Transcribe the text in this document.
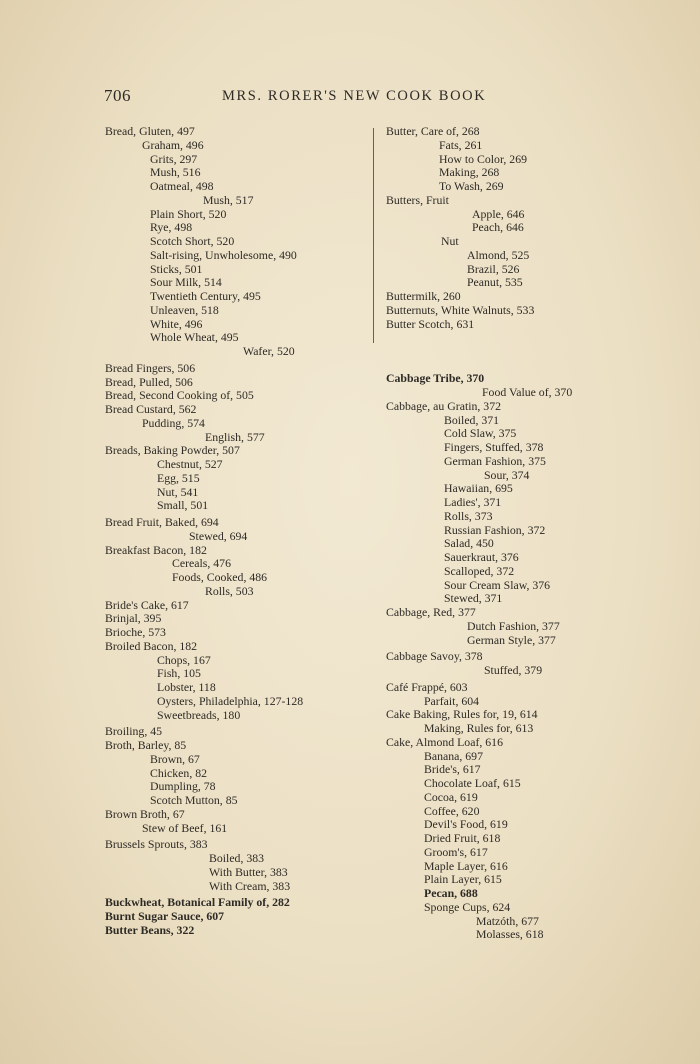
706	MRS. RORER'S NEW COOK BOOK
Bread, Gluten, 497
Graham, 496
Grits, 297
Mush, 516
Oatmeal, 498
Mush, 517
Plain Short, 520
Rye, 498
Scotch Short, 520
Salt-rising, Unwholesome, 490
Sticks, 501
Sour Milk, 514
Twentieth Century, 495
Unleaven, 518
White, 496
Whole Wheat, 495
Wafer, 520
Bread Fingers, 506
Bread, Pulled, 506
Bread, Second Cooking of, 505
Bread Custard, 562
Pudding, 574
English, 577
Breads, Baking Powder, 507
Chestnut, 527
Egg, 515
Nut, 541
Small, 501
Bread Fruit, Baked, 694
Stewed, 694
Breakfast Bacon, 182
Cereals, 476
Foods, Cooked, 486
Rolls, 503
Bride's Cake, 617
Brinjal, 395
Brioche, 573
Broiled Bacon, 182
Chops, 167
Fish, 105
Lobster, 118
Oysters, Philadelphia, 127-128
Sweetbreads, 180
Broiling, 45
Broth, Barley, 85
Brown, 67
Chicken, 82
Dumpling, 78
Scotch Mutton, 85
Brown Broth, 67
Stew of Beef, 161
Brussels Sprouts, 383
Boiled, 383
With Butter, 383
With Cream, 383
Buckwheat, Botanical Family of, 282
Burnt Sugar Sauce, 607
Butter Beans, 322
Butter, Care of, 268
Fats, 261
How to Color, 269
Making, 268
To Wash, 269
Butters, Fruit
Apple, 646
Peach, 646
Nut
Almond, 525
Brazil, 526
Peanut, 535
Buttermilk, 260
Butternuts, White Walnuts, 533
Butter Scotch, 631
Cabbage Tribe, 370
Food Value of, 370
Cabbage, au Gratin, 372
Boiled, 371
Cold Slaw, 375
Fingers, Stuffed, 378
German Fashion, 375
Sour, 374
Hawaiian, 695
Ladies', 371
Rolls, 373
Russian Fashion, 372
Salad, 450
Sauerkraut, 376
Scalloped, 372
Sour Cream Slaw, 376
Stewed, 371
Cabbage, Red, 377
Dutch Fashion, 377
German Style, 377
Cabbage Savoy, 378
Stuffed, 379
Café Frappé, 603
Parfait, 604
Cake Baking, Rules for, 19, 614
Making, Rules for, 613
Cake, Almond Loaf, 616
Banana, 697
Bride's, 617
Chocolate Loaf, 615
Cocoa, 619
Coffee, 620
Devil's Food, 619
Dried Fruit, 618
Groom's, 617
Maple Layer, 616
Plain Layer, 615
Pecan, 688
Sponge Cups, 624
Matzóth, 677
Molasses, 618
